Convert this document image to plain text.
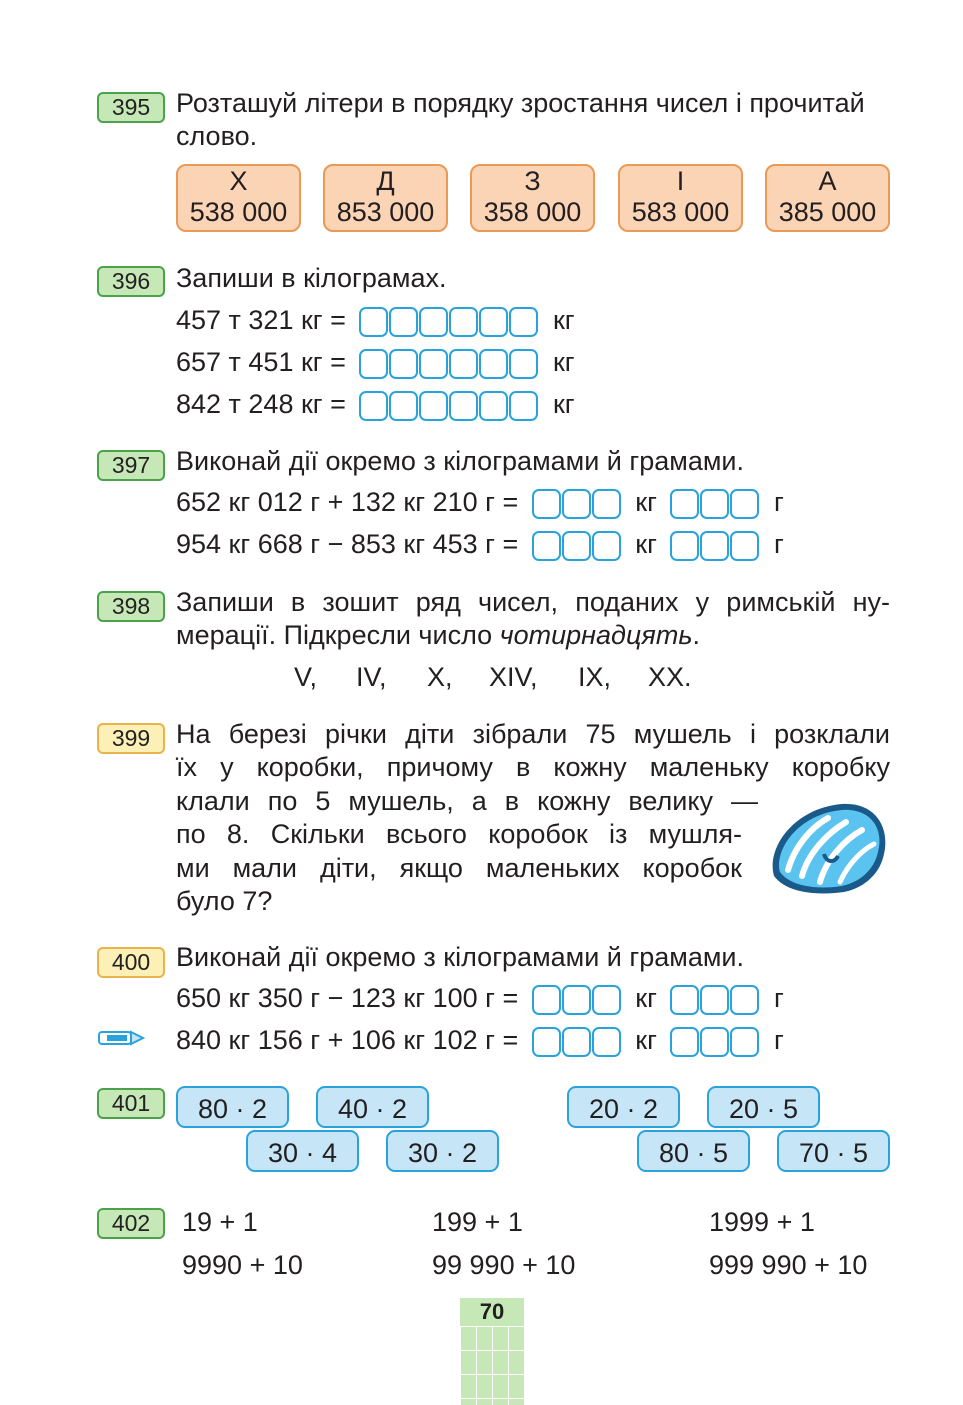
395 Розташуй літери в порядку зростання чисел і прочитай
слово.
Х
538 000
Д
853 000
З
358 000
І
583 000
А
385 000
396 Запиши в кілограмах.
457 т 321 кг =	кг
657 т 451 кг =	кг
842 т 248 кг =	кг
397 Виконай дії окремо з кілограмами й грамами.
652 кг 012 г + 132 кг 210 г =	кг	г
954 кг 668 г − 853 кг 453 г =	кг	г
398 Запиши в зошит ряд чисел, поданих у римській ну-
мерації. Підкресли число чотирнадцять.
V, IV, X, XIV, IX, XX.
399 На березі річки діти зібрали 75 мушель і розклали
їх у коробки, причому в кожну маленьку коробку
клали по 5 мушель, а в кожну велику —
по 8. Скільки всього коробок із мушля-
ми мали діти, якщо маленьких коробок
було 7?
400 Виконай дії окремо з кілограмами й грамами.
650 кг 350 г − 123 кг 100 г =	кг	г
840 кг 156 г + 106 кг 102 г =	кг	г
401	80 · 2	40 · 2
30 · 4	30 · 2
20 · 2	20 · 5
80 · 5	70 · 5
402	19 + 1	199 + 1	1999 + 1
9990 + 10	99 990 + 10	999 990 + 10
70
